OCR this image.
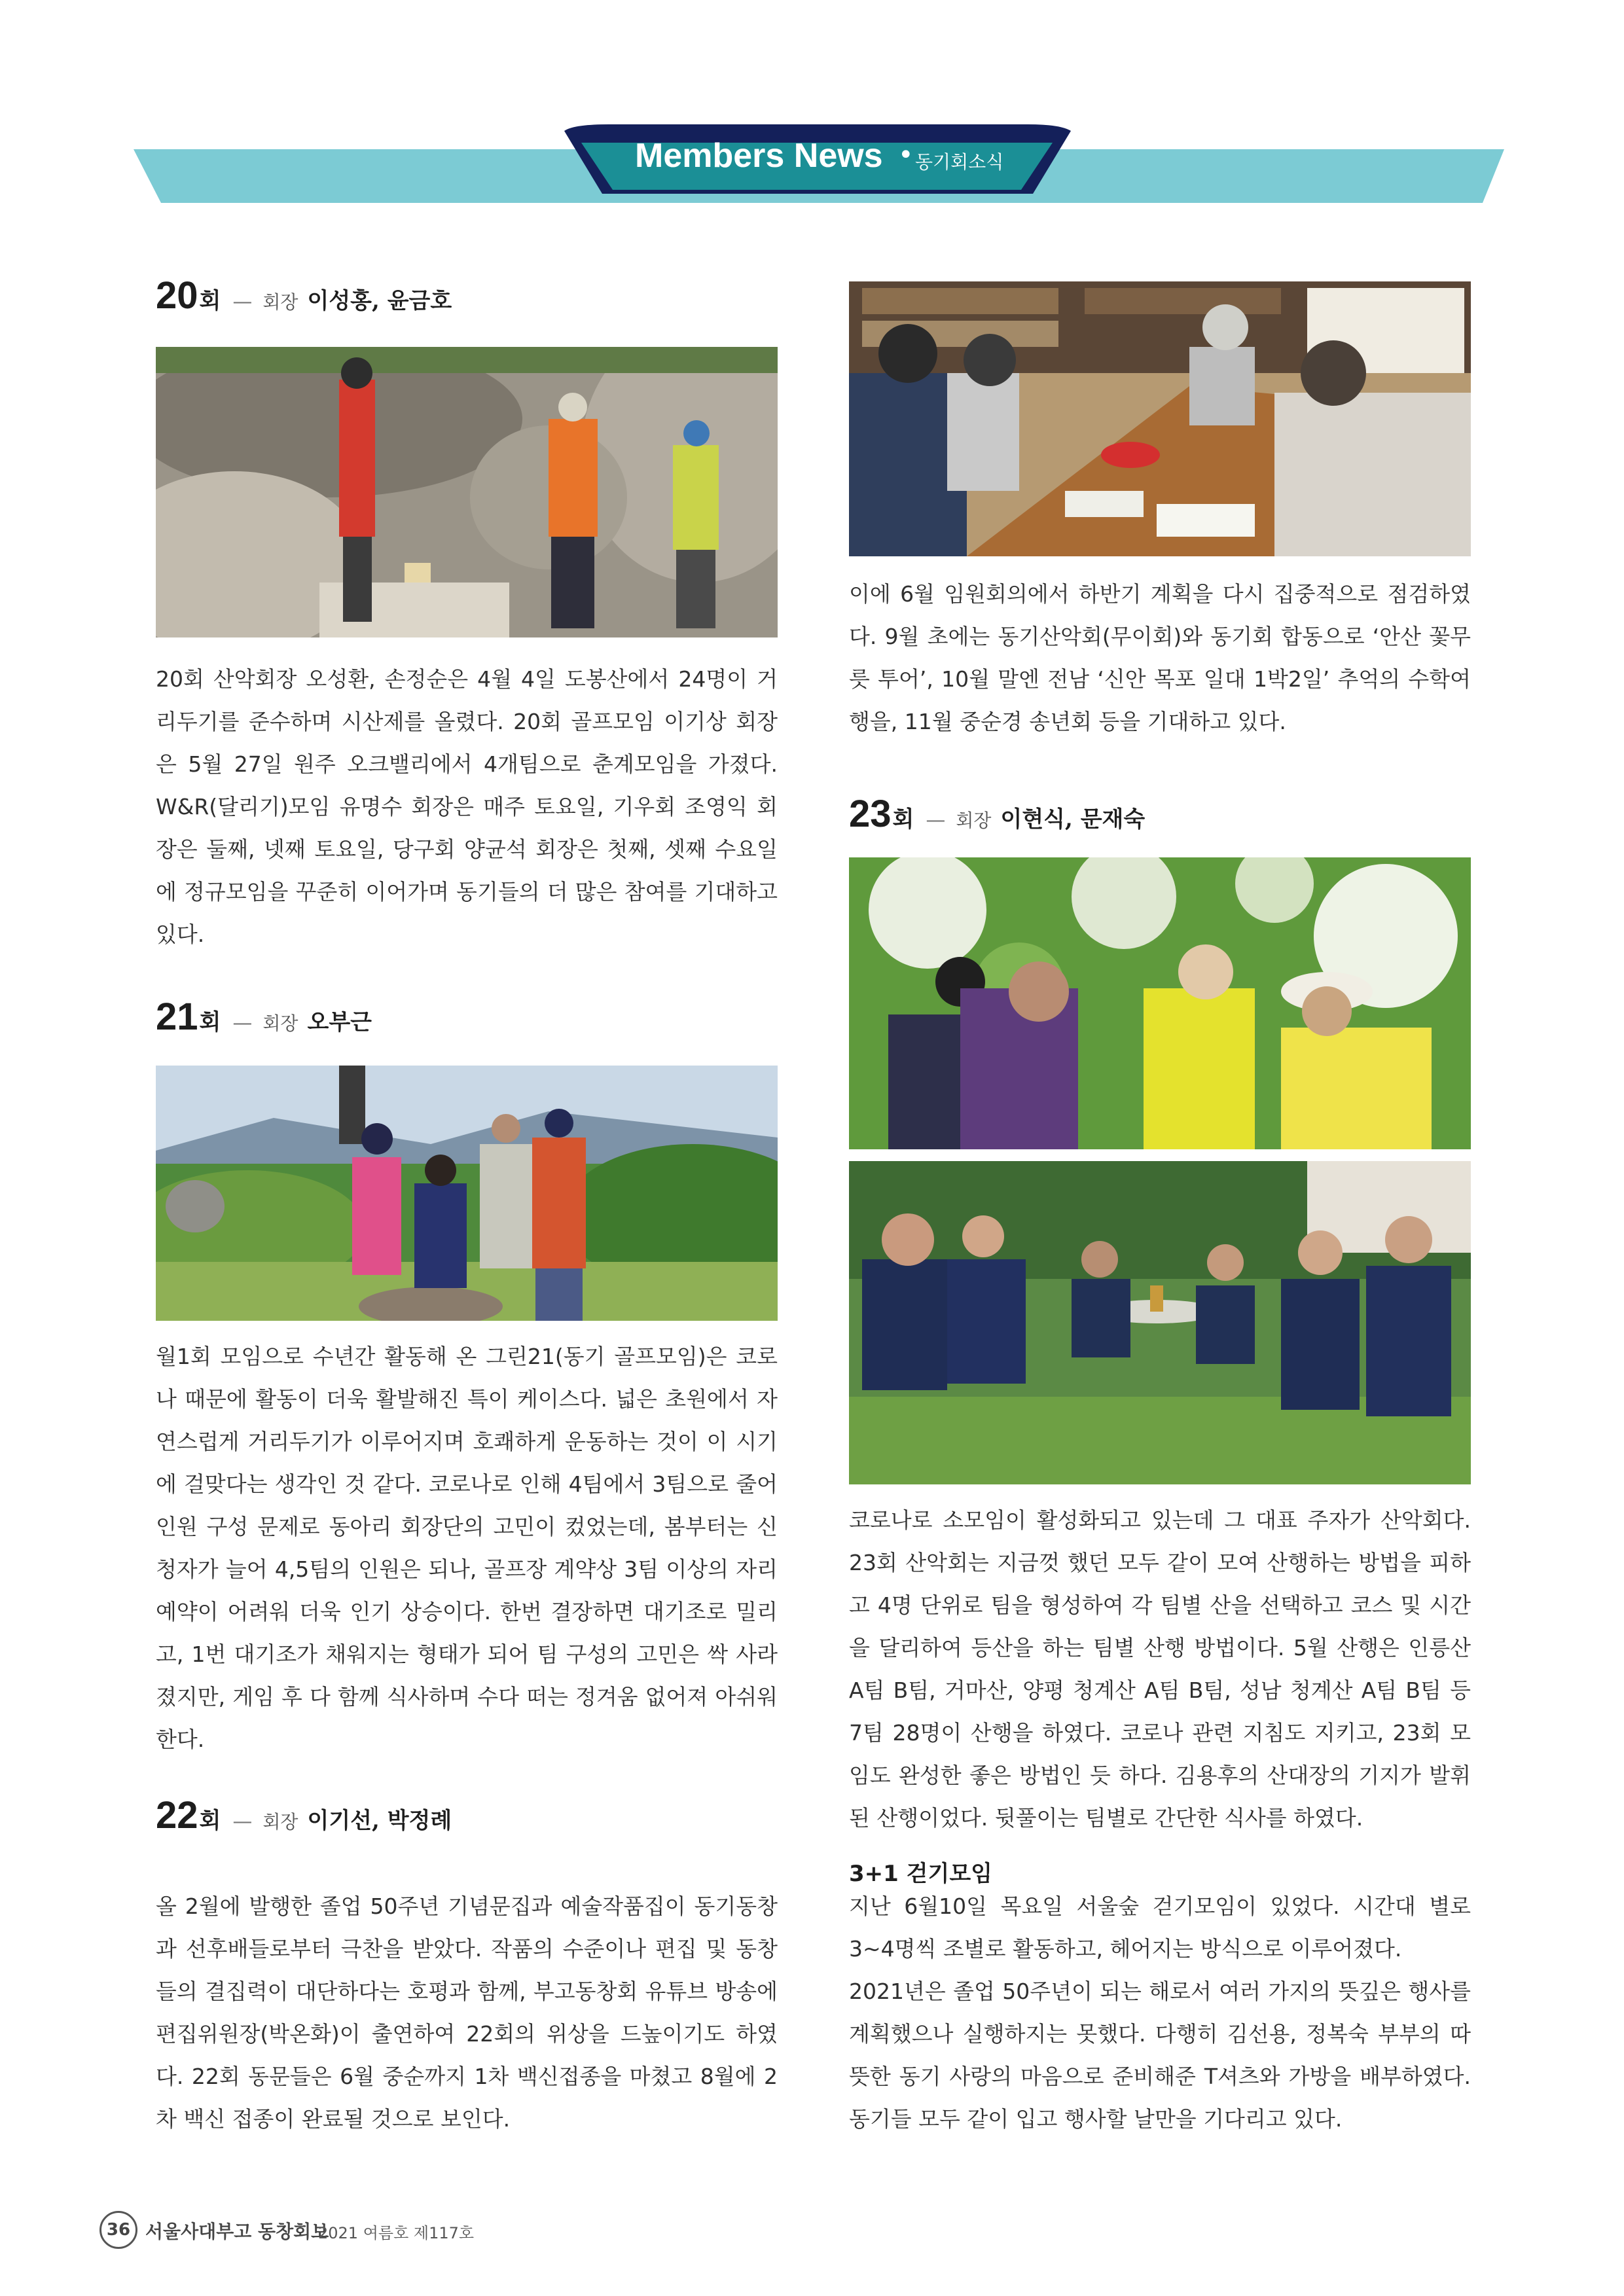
Members News • 동기회소식
20회 — 회장 이성홍, 윤금호

20회 산악회장 오성환, 손정순은 4월 4일 도봉산에서 24명이 거리두기를 준수하며 시산제를 올렸다. 20회 골프모임 이기상 회장은 5월 27일 원주 오크밸리에서 4개팀으로 춘계모임을 가졌다. W&R(달리기)모임 유명수 회장은 매주 토요일, 기우회 조영익 회장은 둘째, 넷째 토요일, 당구회 양균석 회장은 첫째, 셋째 수요일에 정규모임을 꾸준히 이어가며 동기들의 더 많은 참여를 기대하고 있다.

21회 — 회장 오부근

월1회 모임으로 수년간 활동해 온 그린21(동기 골프모임)은 코로나 때문에 활동이 더욱 활발해진 특이 케이스다. 넓은 초원에서 자연스럽게 거리두기가 이루어지며 호쾌하게 운동하는 것이 이 시기에 걸맞다는 생각인 것 같다. 코로나로 인해 4팀에서 3팀으로 줄어 인원 구성 문제로 동아리 회장단의 고민이 컸었는데, 봄부터는 신청자가 늘어 4,5팀의 인원은 되나, 골프장 계약상 3팀 이상의 자리 예약이 어려워 더욱 인기 상승이다. 한번 결장하면 대기조로 밀리고, 1번 대기조가 채워지는 형태가 되어 팀 구성의 고민은 싹 사라졌지만, 게임 후 다 함께 식사하며 수다 떠는 정겨움 없어져 아쉬워한다.

22회 — 회장 이기선, 박정례

올 2월에 발행한 졸업 50주년 기념문집과 예술작품집이 동기동창과 선후배들로부터 극찬을 받았다. 작품의 수준이나 편집 및 동창들의 결집력이 대단하다는 호평과 함께, 부고동창회 유튜브 방송에 편집위원장(박온화)이 출연하여 22회의 위상을 드높이기도 하였다. 22회 동문들은 6월 중순까지 1차 백신접종을 마쳤고 8월에 2차 백신 접종이 완료될 것으로 보인다.

이에 6월 임원회의에서 하반기 계획을 다시 집중적으로 점검하였다. 9월 초에는 동기산악회(무이회)와 동기회 합동으로 ‘안산 꽃무릇 투어’, 10월 말엔 전남 ‘신안 목포 일대 1박2일’ 추억의 수학여행을, 11월 중순경 송년회 등을 기대하고 있다.

23회 — 회장 이현식, 문재숙

코로나로 소모임이 활성화되고 있는데 그 대표 주자가 산악회다. 23회 산악회는 지금껏 했던 모두 같이 모여 산행하는 방법을 피하고 4명 단위로 팀을 형성하여 각 팀별 산을 선택하고 코스 및 시간을 달리하여 등산을 하는 팀별 산행 방법이다. 5월 산행은 인릉산 A팀 B팀, 거마산, 양평 청계산 A팀 B팀, 성남 청계산 A팀 B팀 등 7팀 28명이 산행을 하였다. 코로나 관련 지침도 지키고, 23회 모임도 완성한 좋은 방법인 듯 하다. 김용후의 산대장의 기지가 발휘된 산행이었다. 뒷풀이는 팀별로 간단한 식사를 하였다.

3+1 걷기모임

지난 6월10일 목요일 서울숲 걷기모임이 있었다. 시간대 별로 3~4명씩 조별로 활동하고, 헤어지는 방식으로 이루어졌다.

2021년은 졸업 50주년이 되는 해로서 여러 가지의 뜻깊은 행사를 계획했으나 실행하지는 못했다. 다행히 김선용, 정복숙 부부의 따뜻한 동기 사랑의 마음으로 준비해준 T셔츠와 가방을 배부하였다. 동기들 모두 같이 입고 행사할 날만을 기다리고 있다.

36 서울사대부고 동창회보
2021 여름호 제117호
